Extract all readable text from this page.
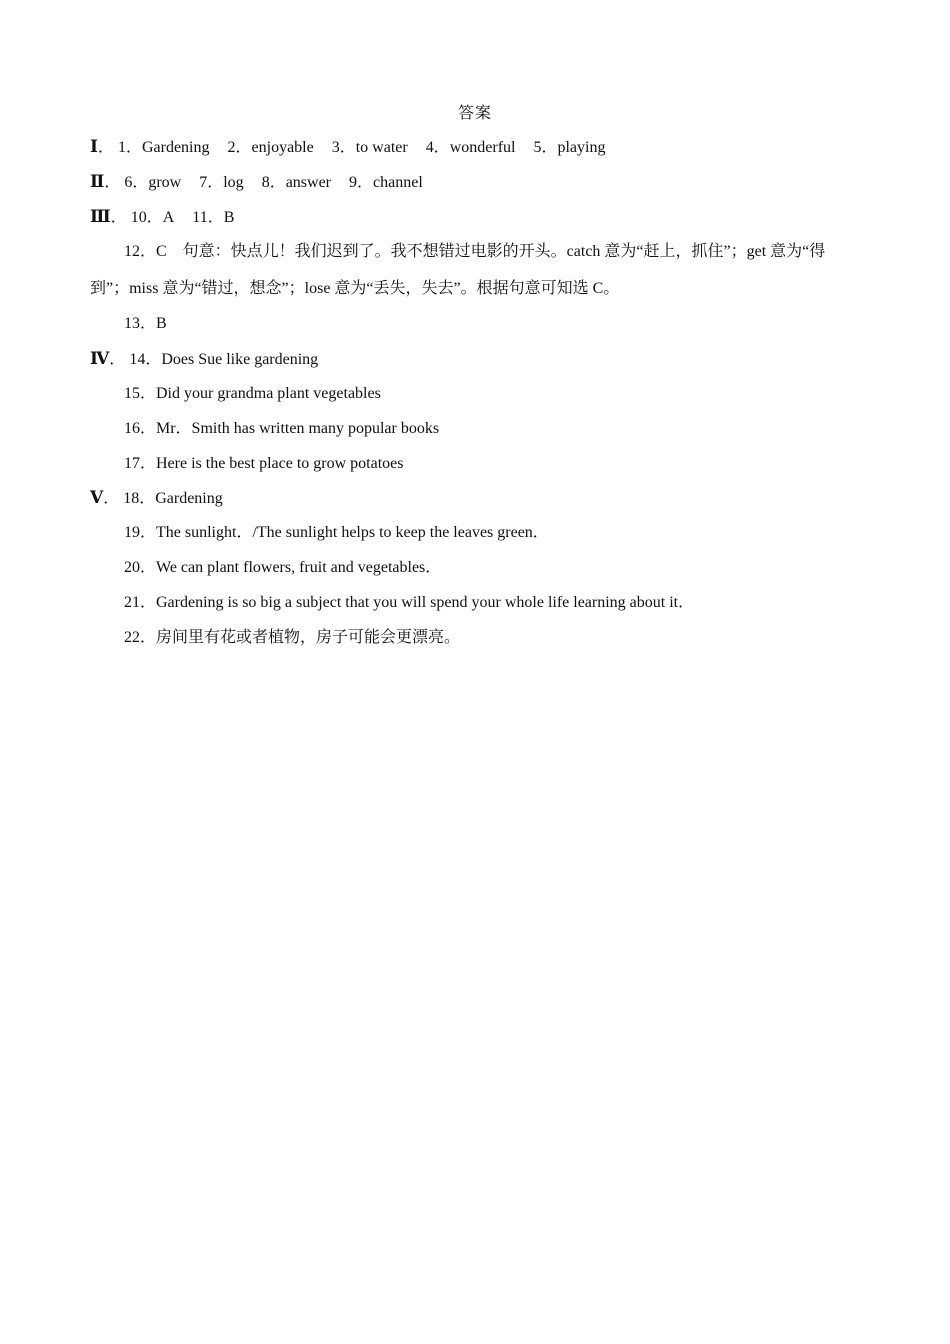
答案
Ⅰ． 1．Gardening 2．enjoyable 3．to water 4．wonderful 5．playing
Ⅱ． 6．grow 7．log 8．answer 9．channel
Ⅲ． 10．A 11．B
12．C　句意：快点儿！我们迟到了。我不想错过电影的开头。catch 意为“赶上，抓住”；get 意为“得
到”；miss 意为“错过，想念”；lose 意为“丢失，失去”。根据句意可知选 C。
13．B
Ⅳ． 14．Does Sue like gardening
15．Did your grandma plant vegetables
16．Mr．Smith has written many popular books
17．Here is the best place to grow potatoes
Ⅴ． 18．Gardening
19．The sunlight．/The sunlight helps to keep the leaves green．
20．We can plant flowers, fruit and vegetables．
21．Gardening is so big a subject that you will spend your whole life learning about it．
22．房间里有花或者植物，房子可能会更漂亮。
